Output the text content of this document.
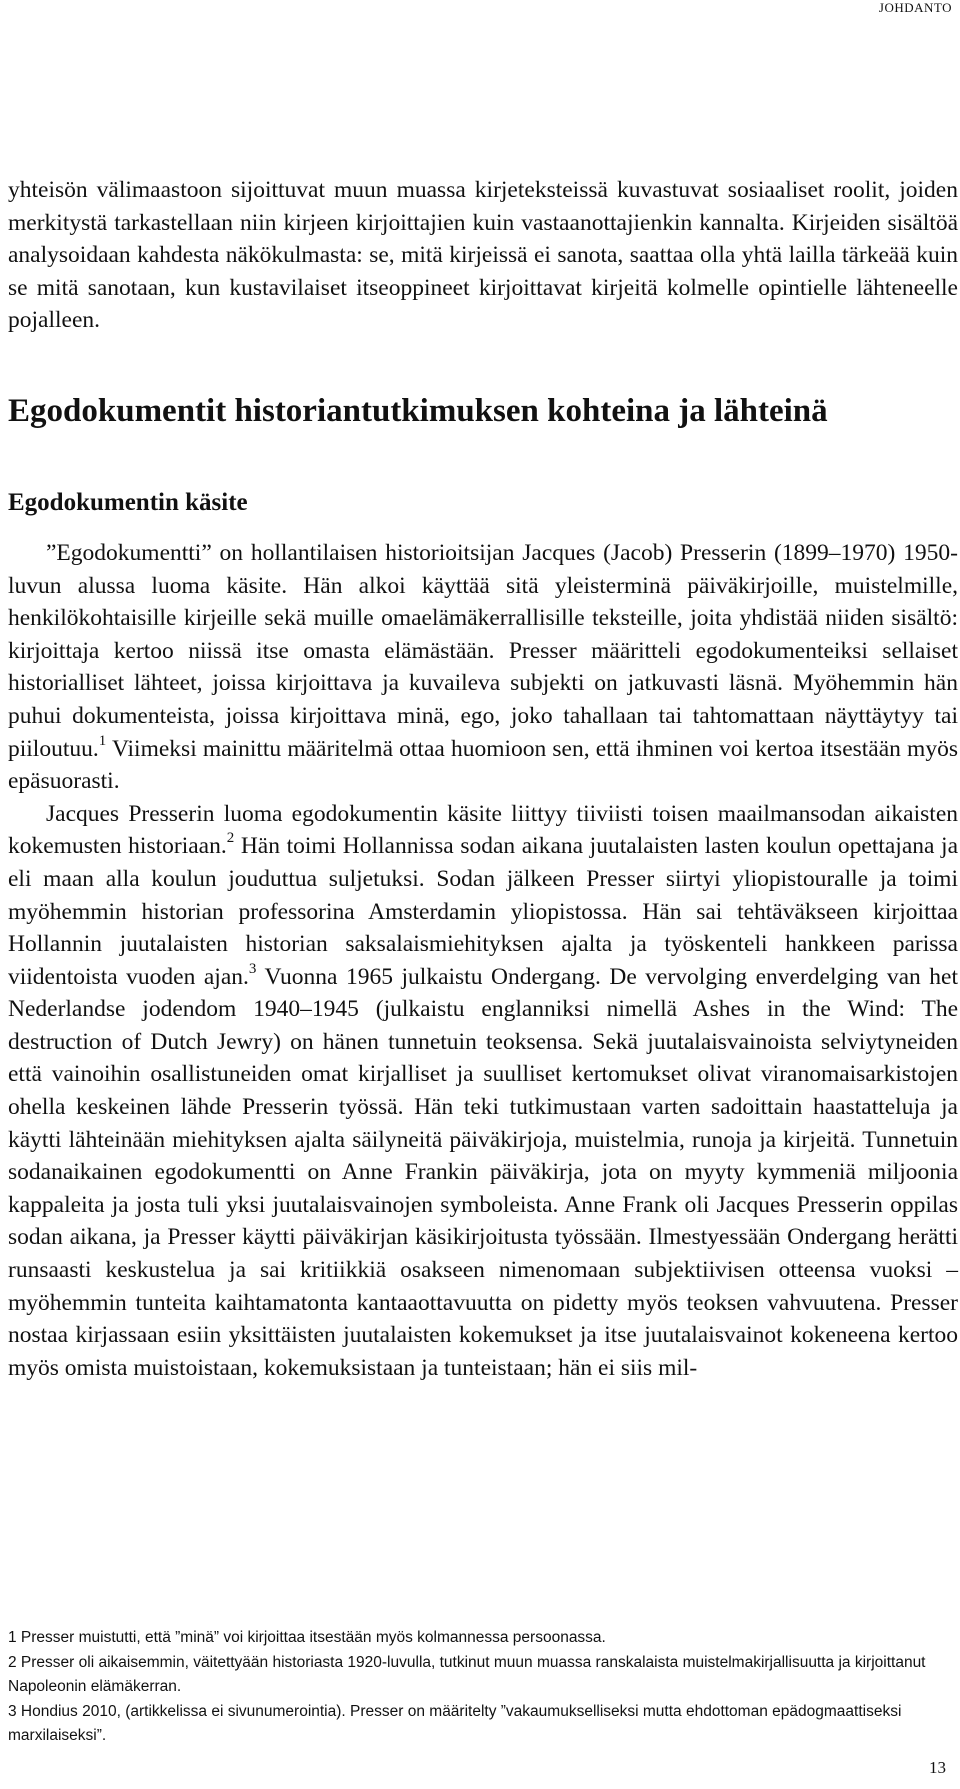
JOHDANTO

yhteisön välimaastoon sijoittuvat muun muassa kirjeteksteissä kuvastuvat sosiaaliset roolit, joiden merkitystä tarkastellaan niin kirjeen kirjoittajien kuin vastaanottajienkin kannalta. Kirjeiden sisältöä analysoidaan kahdesta näkökulmasta: se, mitä kirjeissä ei sanota, saattaa olla yhtä lailla tärkeää kuin se mitä sanotaan, kun kustavilaiset itseoppineet kirjoittavat kirjeitä kolmelle opintielle lähteneelle pojalleen.

Egodokumentit historiantutkimuksen kohteina ja lähteinä
Egodokumentin käsite

”Egodokumentti” on hollantilaisen historioitsijan Jacques (Jacob) Presserin (1899–1970) 1950-luvun alussa luoma käsite. Hän alkoi käyttää sitä yleisterminä päiväkirjoille, muistelmille, henkilökohtaisille kirjeille sekä muille omaelämäkerrallisille teksteille, joita yhdistää niiden sisältö: kirjoittaja kertoo niissä itse omasta elämästään. Presser määritteli egodokumenteiksi sellaiset historialliset lähteet, joissa kirjoittava ja kuvaileva subjekti on jatkuvasti läsnä. Myöhemmin hän puhui dokumenteista, joissa kirjoittava minä, ego, joko tahallaan tai tahtomattaan näyttäytyy tai piiloutuu.$^1$ Viimeksi mainittu määritelmä ottaa huomioon sen, että ihminen voi kertoa itsestään myös epäsuorasti.

Jacques Presserin luoma egodokumentin käsite liittyy tiiviisti toisen maailmansodan aikaisten kokemusten historiaan.$^2$ Hän toimi Hollannissa sodan aikana juutalaisten lasten koulun opettajana ja eli maan alla koulun jouduttua suljetuksi. Sodan jälkeen Presser siirtyi yliopistouralle ja toimi myöhemmin historian professorina Amsterdamin yliopistossa. Hän sai tehtäväkseen kirjoittaa Hollannin juutalaisten historian saksalaismiehityksen ajalta ja työskenteli hankkeen parissa viidentoista vuoden ajan.$^3$ Vuonna 1965 julkaistu Ondergang. De vervolging enverdelging van het Nederlandse jodendom 1940–1945 (julkaistu englanniksi nimellä Ashes in the Wind: The destruction of Dutch Jewry) on hänen tunnetuin teoksensa. Sekä juutalaisvainoista selviytyneiden että vainoihin osallistuneiden omat kirjalliset ja suulliset kertomukset olivat viranomaisarkistojen ohella keskeinen lähde Presserin työssä. Hän teki tutkimustaan varten sadoittain haastatteluja ja käytti lähteinään miehityksen ajalta säilyneitä päiväkirjoja, muistelmia, runoja ja kirjeitä. Tunnetuin sodanaikainen egodokumentti on Anne Frankin päiväkirja, jota on myyty kymmeniä miljoonia kappaleita ja josta tuli yksi juutalaisvainojen symboleista. Anne Frank oli Jacques Presserin oppilas sodan aikana, ja Presser käytti päiväkirjan käsikirjoitusta työssään. Ilmestyessään Ondergang herätti runsaasti keskustelua ja sai kritiikkiä osakseen nimenomaan subjektiivisen otteensa vuoksi – myöhemmin tunteita kaihtamatonta kantaaottavuutta on pidetty myös teoksen vahvuutena. Presser nostaa kirjassaan esiin yksittäisten juutalaisten kokemukset ja itse juutalaisvainot kokeneena kertoo myös omista muistoistaan, kokemuksistaan ja tunteistaan; hän ei siis mil-

1 Presser muistutti, että ”minä” voi kirjoittaa itsestään myös kolmannessa persoonassa.

2 Presser oli aikaisemmin, väitettyään historiasta 1920-luvulla, tutkinut muun muassa ranskalaista muistelmakirjallisuutta ja kirjoittanut Napoleonin elämäkerran.

3 Hondius 2010, (artikkelissa ei sivunumerointia). Presser on määritelty ”vakaumukselliseksi mutta ehdottoman epädogmaattiseksi marxilaiseksi”.

13
